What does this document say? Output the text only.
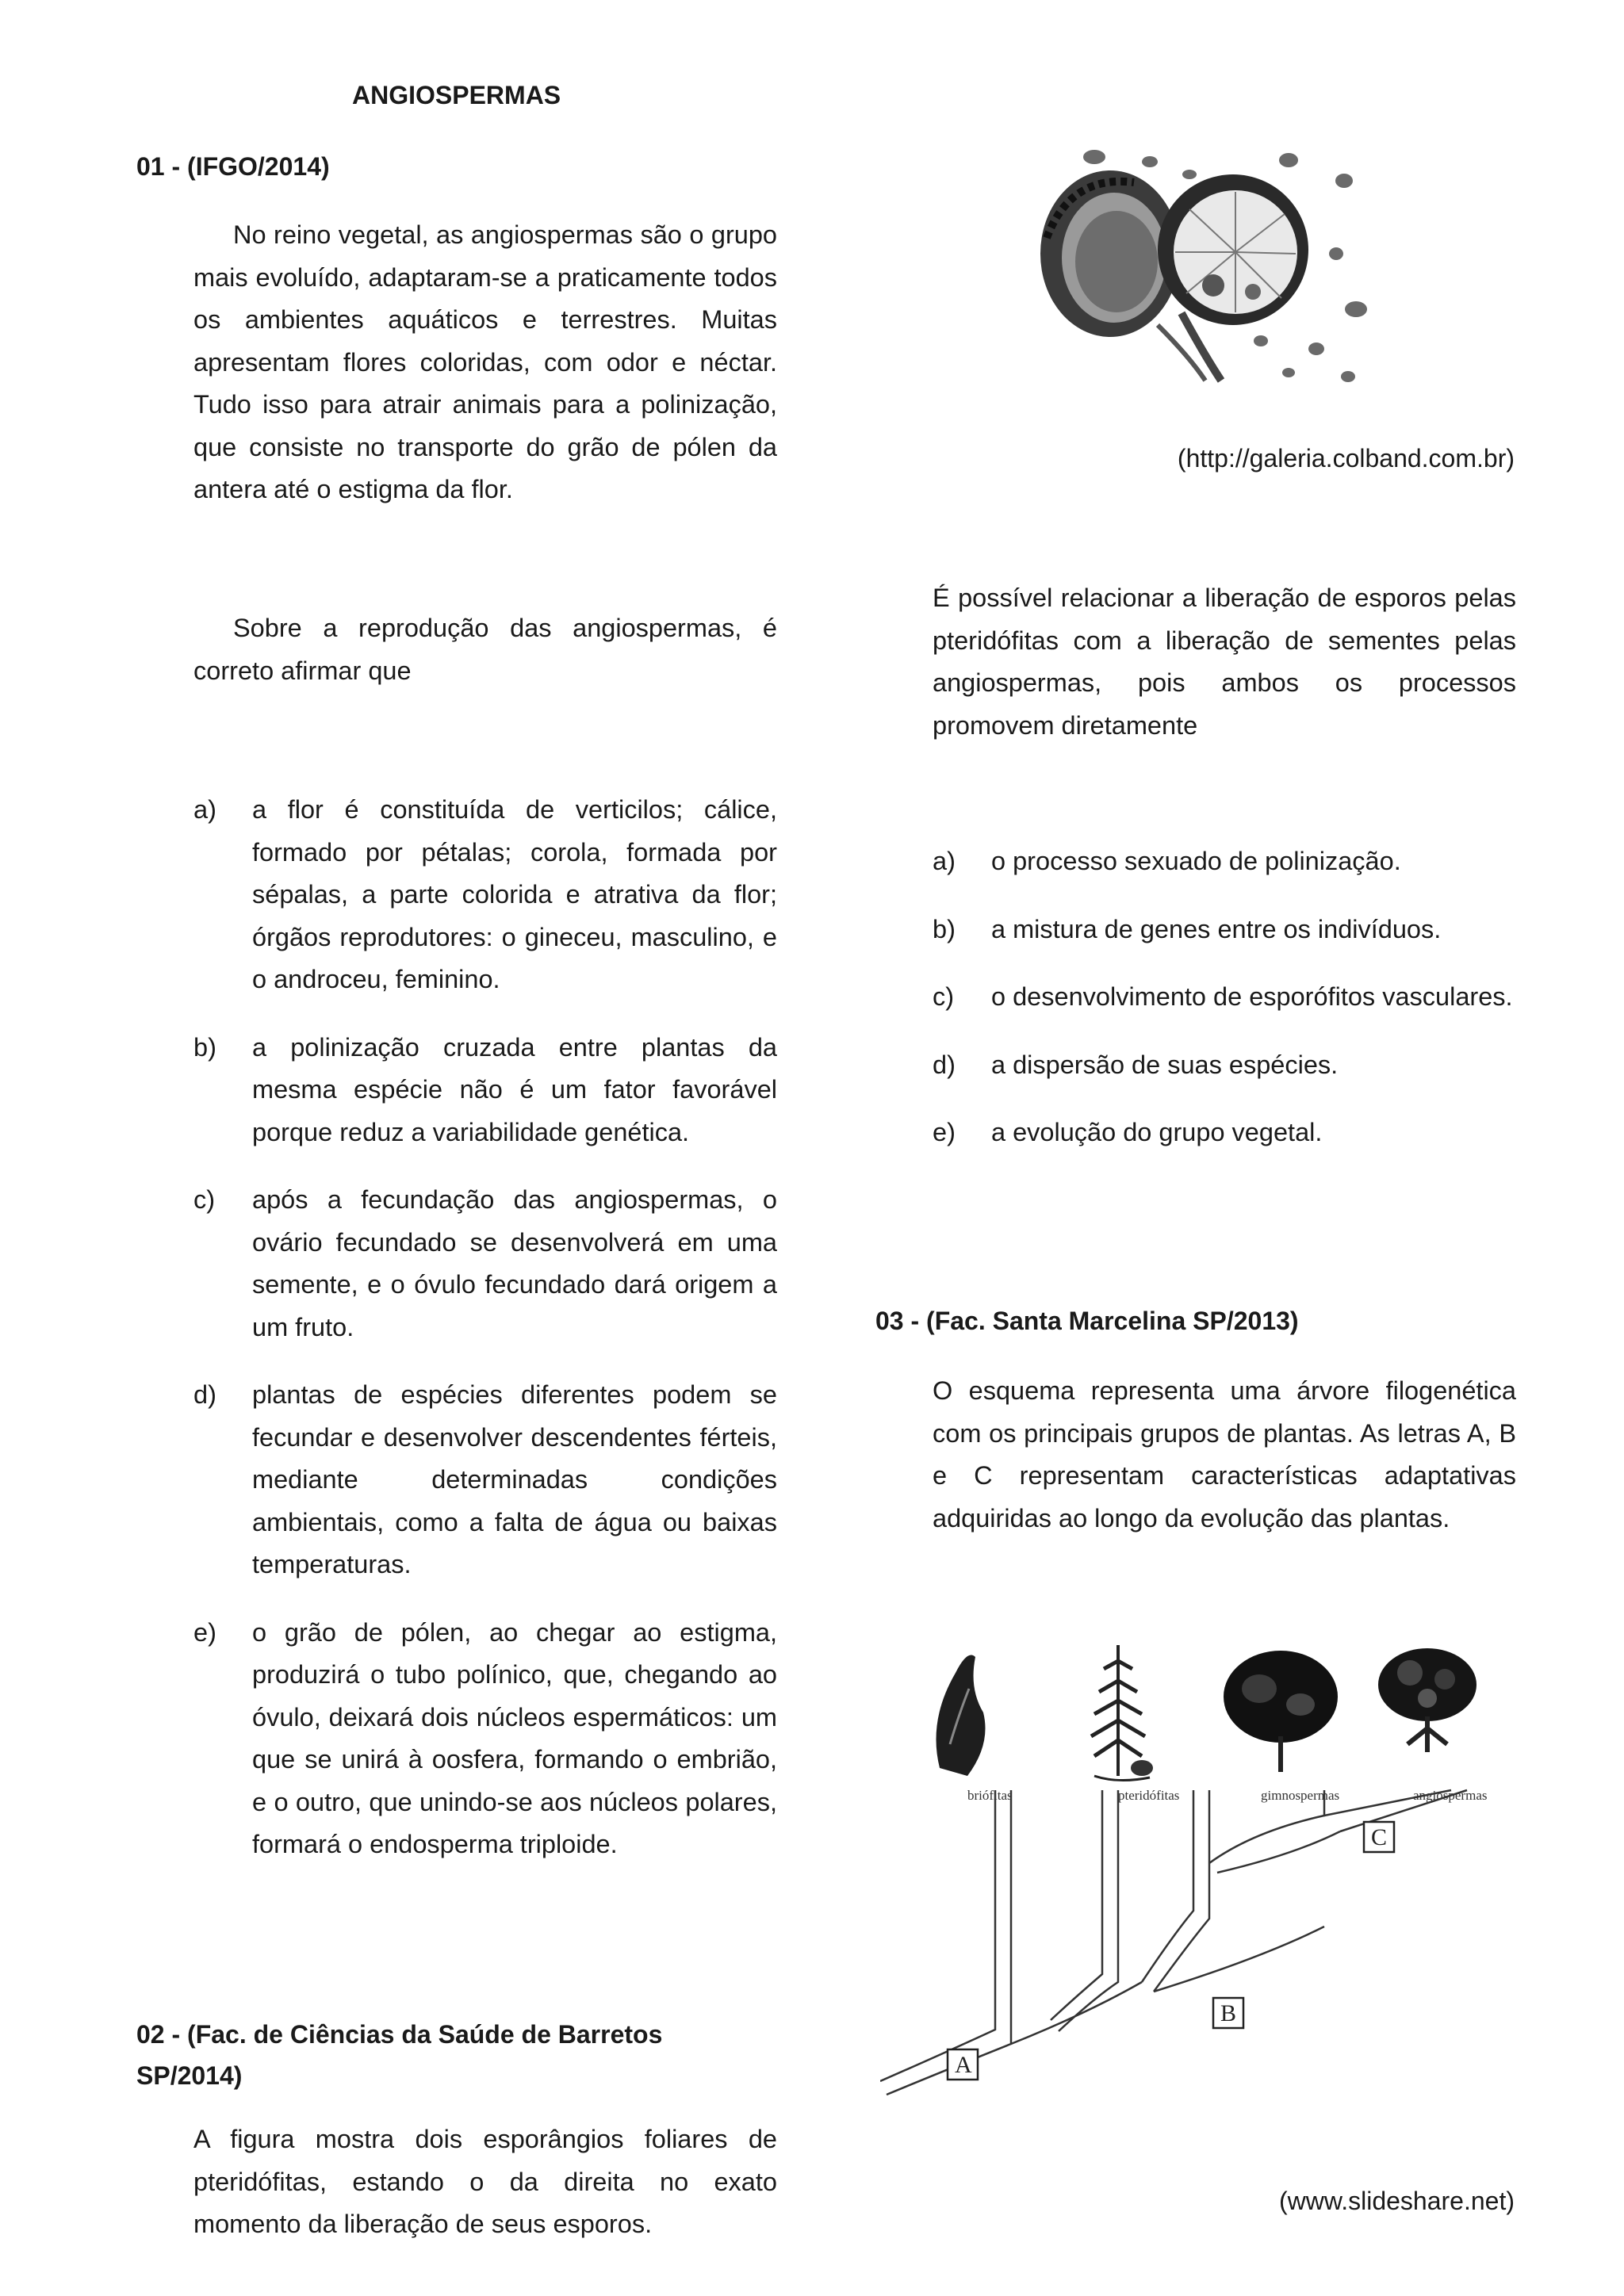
ANGIOSPERMAS
01 - (IFGO/2014)

No reino vegetal, as angiospermas são o grupo mais evoluído, adaptaram-se a praticamente todos os ambientes aquáticos e terrestres. Muitas apresentam flores coloridas, com odor e néctar. Tudo isso para atrair animais para a polinização, que consiste no transporte do grão de pólen da antera até o estigma da flor.

Sobre a reprodução das angiospermas, é correto afirmar que

a)	a flor é constituída de verticilos; cálice, formado por pétalas; corola, formada por sépalas, a parte colorida e atrativa da flor; órgãos reprodutores: o gineceu, masculino, e o androceu, feminino.
b)	a polinização cruzada entre plantas da mesma espécie não é um fator favorável porque reduz a variabilidade genética.
c)	após a fecundação das angiospermas, o ovário fecundado se desenvolverá em uma semente, e o óvulo fecundado dará origem a um fruto.
d)	plantas de espécies diferentes podem se fecundar e desenvolver descendentes férteis, mediante determinadas condições ambientais, como a falta de água ou baixas temperaturas.
e)	o grão de pólen, ao chegar ao estigma, produzirá o tubo polínico, que, chegando ao óvulo, deixará dois núcleos espermáticos: um que se unirá à oosfera, formando o embrião, e o outro, que unindo-se aos núcleos polares, formará o endosperma triploide.
02 - (Fac. de Ciências da Saúde de Barretos SP/2014)

A figura mostra dois esporângios foliares de pteridófitas, estando o da direita no exato momento da liberação de seus esporos.

(http://galeria.colband.com.br)

É possível relacionar a liberação de esporos pelas pteridófitas com a liberação de sementes pelas angiospermas, pois ambos os processos promovem diretamente

a)	o processo sexuado de polinização.
b)	a mistura de genes entre os indivíduos.
c)	o desenvolvimento de esporófitos vasculares.
d)	a dispersão de suas espécies.
e)	a evolução do grupo vegetal.
03 - (Fac. Santa Marcelina SP/2013)

O esquema representa uma árvore filogenética com os principais grupos de plantas. As letras A, B e C representam características adaptativas adquiridas ao longo da evolução das plantas.

briófitas	pteridófitas	gimnospermas	angiospermas
A
B
C
(www.slideshare.net)
